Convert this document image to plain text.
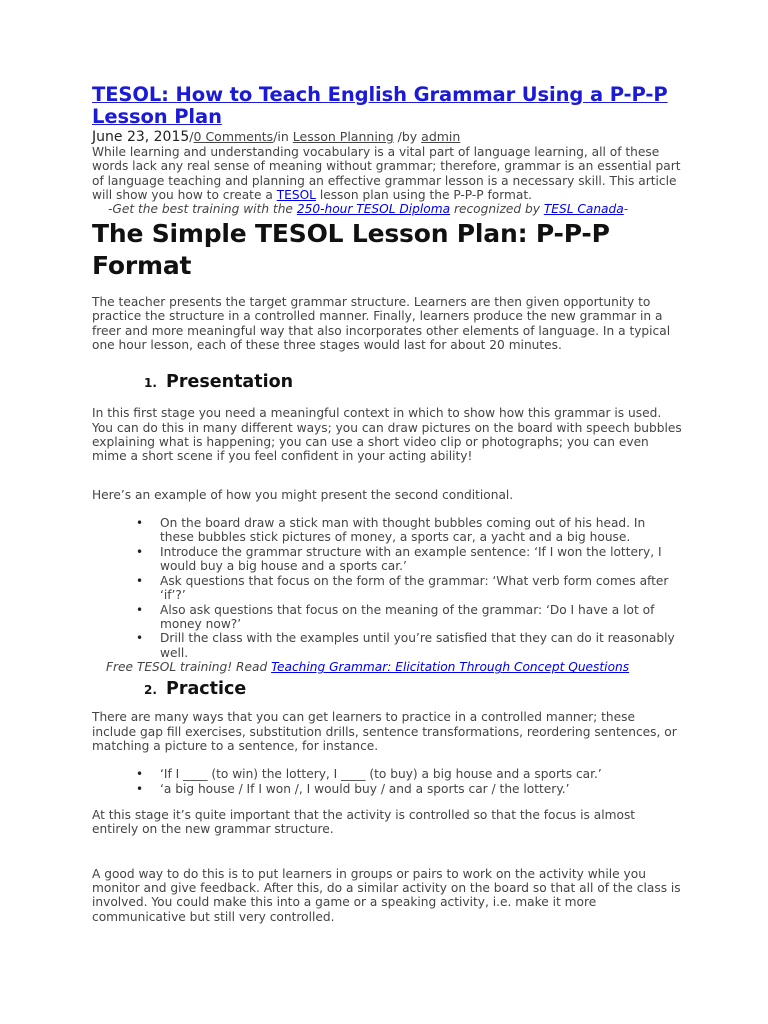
TESOL: How to Teach English Grammar Using a P-P-P Lesson Plan
June 23, 2015/0 Comments/in Lesson Planning /by admin

While learning and understanding vocabulary is a vital part of language learning, all of these words lack any real sense of meaning without grammar; therefore, grammar is an essential part of language teaching and planning an effective grammar lesson is a necessary skill. This article will show you how to create a TESOL lesson plan using the P-P-P format.

-Get the best training with the 250-hour TESOL Diploma recognized by TESL Canada-

The Simple TESOL Lesson Plan: P-P-P Format

The teacher presents the target grammar structure. Learners are then given opportunity to practice the structure in a controlled manner. Finally, learners produce the new grammar in a freer and more meaningful way that also incorporates other elements of language. In a typical one hour lesson, each of these three stages would last for about 20 minutes.

1. Presentation

In this first stage you need a meaningful context in which to show how this grammar is used. You can do this in many different ways; you can draw pictures on the board with speech bubbles explaining what is happening; you can use a short video clip or photographs; you can even mime a short scene if you feel confident in your acting ability!

Here’s an example of how you might present the second conditional.

• On the board draw a stick man with thought bubbles coming out of his head. In these bubbles stick pictures of money, a sports car, a yacht and a big house.
• Introduce the grammar structure with an example sentence: ‘If I won the lottery, I would buy a big house and a sports car.’
• Ask questions that focus on the form of the grammar: ‘What verb form comes after ‘if’?’
• Also ask questions that focus on the meaning of the grammar: ‘Do I have a lot of money now?’
• Drill the class with the examples until you’re satisfied that they can do it reasonably well.

Free TESOL training! Read Teaching Grammar: Elicitation Through Concept Questions

2. Practice

There are many ways that you can get learners to practice in a controlled manner; these include gap fill exercises, substitution drills, sentence transformations, reordering sentences, or matching a picture to a sentence, for instance.

• ‘If I ____ (to win) the lottery, I ____ (to buy) a big house and a sports car.’
• ‘a big house / If I won /, I would buy / and a sports car / the lottery.’

At this stage it’s quite important that the activity is controlled so that the focus is almost entirely on the new grammar structure.

A good way to do this is to put learners in groups or pairs to work on the activity while you monitor and give feedback. After this, do a similar activity on the board so that all of the class is involved. You could make this into a game or a speaking activity, i.e. make it more communicative but still very controlled.
